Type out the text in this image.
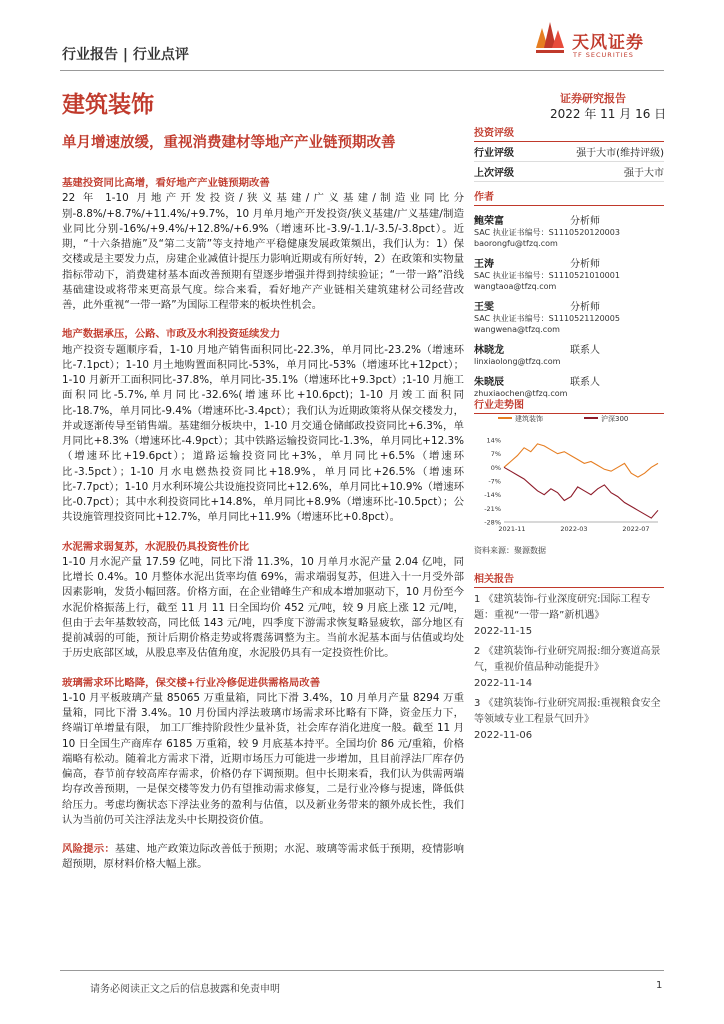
行业报告 | 行业点评
天风证券
TF SECURITIES
建筑装饰	证券研究报告
2022 年 11 月 16 日
单月增速放缓，重视消费建材等地产产业链预期改善
基建投资同比高增，看好地产产业链预期改善

22 年 1-10 月地产开发投资/狭义基建/广义基建/制造业同比分别-8.8%/+8.7%/+11.4%/+9.7%，10 月单月地产开发投资/狭义基建/广义基建/制造业同比分别-16%/+9.4%/+12.8%/+6.9%（增速环比-3.9/-1.1/-3.5/-3.8pct）。近期，“十六条措施”及“第二支箭”等支持地产平稳健康发展政策频出，我们认为：1）保交楼或是主要发力点，房建企业减值计提压力影响近期或有所好转，2）在政策和实物量指标带动下，消费建材基本面改善预期有望逐步增强并得到持续验证；“一带一路”沿线基础建设或将带来更高景气度。综合来看，看好地产产业链相关建筑建材公司经营改善，此外重视“一带一路”为国际工程带来的板块性机会。

地产数据承压，公路、市政及水利投资延续发力

地产投资专题顺序看，1-10 月地产销售面积同比-22.3%，单月同比-23.2%（增速环比-7.1pct）；1-10 月土地购置面积同比-53%，单月同比-53%（增速环比+12pct）；1-10 月新开工面积同比-37.8%，单月同比-35.1%（增速环比+9.3pct）;1-10 月施工面积同比-5.7%,单月同比-32.6%(增速环比+10.6pct)；1-10 月竣工面积同比-18.7%，单月同比-9.4%（增速环比-3.4pct）；我们认为近期政策将从保交楼发力，并或逐渐传导至销售端。基建细分板块中，1-10 月交通仓储邮政投资同比+6.3%，单月同比+8.3%（增速环比-4.9pct）；其中铁路运输投资同比-1.3%，单月同比+12.3%（增速环比+19.6pct）；道路运输投资同比+3%，单月同比+6.5%（增速环比-3.5pct）；1-10 月水电燃热投资同比+18.9%，单月同比+26.5%（增速环比-7.7pct）；1-10 月水利环境公共设施投资同比+12.6%，单月同比+10.9%（增速环比-0.7pct）；其中水利投资同比+14.8%，单月同比+8.9%（增速环比-10.5pct）；公共设施管理投资同比+12.7%，单月同比+11.9%（增速环比+0.8pct）。

水泥需求弱复苏，水泥股仍具投资性价比

1-10 月水泥产量 17.59 亿吨，同比下滑 11.3%，10 月单月水泥产量 2.04 亿吨，同比增长 0.4%。10 月整体水泥出货率均值 69%，需求端弱复苏，但进入十一月受外部因素影响，发货小幅回落。价格方面，在企业错峰生产和成本增加驱动下，10 月份至今水泥价格振荡上行，截至 11 月 11 日全国均价 452 元/吨，较 9 月底上涨 12 元/吨，但由于去年基数较高，同比低 143 元/吨，四季度下游需求恢复略显疲软，部分地区有提前减弱的可能，预计后期价格走势或将震荡调整为主。当前水泥基本面与估值或均处于历史底部区域，从股息率及估值角度，水泥股仍具有一定投资性价比。

玻璃需求环比略降，保交楼+行业冷修促进供需格局改善

1-10 月平板玻璃产量 85065 万重量箱，同比下滑 3.4%，10 月单月产量 8294 万重量箱，同比下滑 3.4%。10 月份国内浮法玻璃市场需求环比略有下降，资金压力下， 终端订单增量有限， 加工厂维持阶段性少量补货，社会库存消化进度一般。截至 11 月 10 日全国生产商库存 6185 万重箱，较 9 月底基本持平。全国均价 86 元/重箱，价格端略有松动。随着北方需求下滑，近期市场压力可能进一步增加，且目前浮法厂库存仍偏高，春节前存较高库存需求，价格仍存下调预期。但中长期来看，我们认为供需两端均存改善预期，一是保交楼等发力仍有望推动需求修复，二是行业冷修与提速，降低供给压力。考虑均衡状态下浮法业务的盈利与估值，以及新业务带来的额外成长性，我们认为当前仍可关注浮法龙头中长期投资价值。

风险提示：基建、地产政策边际改善低于预期；水泥、玻璃等需求低于预期，疫情影响超预期，原材料价格大幅上涨。

投资评级
行业评级	强于大市(维持评级)
上次评级	强于大市
作者
鲍荣富	分析师
SAC 执业证书编号：S1110520120003
baorongfu@tfzq.com
王涛	分析师
SAC 执业证书编号：S1110521010001
wangtaoa@tfzq.com
王雯	分析师
SAC 执业证书编号：S1110521120005
wangwena@tfzq.com
林晓龙	联系人
linxiaolong@tfzq.com
朱晓辰	联系人
zhuxiaochen@tfzq.com
行业走势图
建筑装饰	沪深300
14%
7%
0%
-7%
-14%
-21%
-28%
2021-11	2022-03	2022-07
资料来源：聚源数据
相关报告
1 《建筑装饰-行业深度研究:国际工程专题：重视“一带一路”新机遇》
2022-11-15
2 《建筑装饰-行业研究周报:细分赛道高景气，重视价值品种动能提升》
2022-11-14
3 《建筑装饰-行业研究周报:重视粮食安全等领域专业工程景气回升》
2022-11-06
请务必阅读正文之后的信息披露和免责申明	1
